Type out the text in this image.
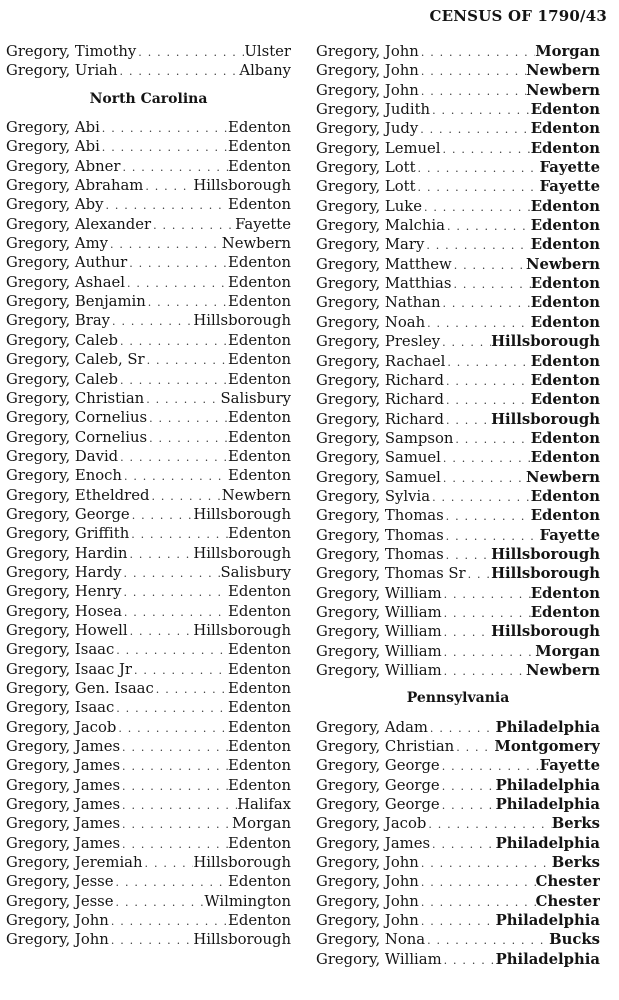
CENSUS OF 1790/43
Gregory, Timothy . . .	Ulster
Gregory, Uriah . . .	Albany
North Carolina
Gregory, Abi . . .	Edenton
Gregory, Abi . . .	Edenton
Gregory, Abner . . .	Edenton
Gregory, Abraham . . .	Hillsborough
Gregory, Aby . . .	Edenton
Gregory, Alexander . . .	Fayette
Gregory, Amy . . .	Newbern
Gregory, Authur . . .	Edenton
Gregory, Ashael . . .	Edenton
Gregory, Benjamin . . .	Edenton
Gregory, Bray . . .	Hillsborough
Gregory, Caleb . . .	Edenton
Gregory, Caleb, Sr . . .	Edenton
Gregory, Caleb . . .	Edenton
Gregory, Christian . . .	Salisbury
Gregory, Cornelius . . .	Edenton
Gregory, Cornelius . . .	Edenton
Gregory, David . . .	Edenton
Gregory, Enoch . . .	Edenton
Gregory, Etheldred . . .	Newbern
Gregory, George . . .	Hillsborough
Gregory, Griffith . . .	Edenton
Gregory, Hardin . . .	Hillsborough
Gregory, Hardy . . .	Salisbury
Gregory, Henry . . .	Edenton
Gregory, Hosea . . .	Edenton
Gregory, Howell . . .	Hillsborough
Gregory, Isaac . . .	Edenton
Gregory, Isaac Jr . . .	Edenton
Gregory, Gen. Isaac . . .	Edenton
Gregory, Isaac . . .	Edenton
Gregory, Jacob . . .	Edenton
Gregory, James . . .	Edenton
Gregory, James . . .	Edenton
Gregory, James . . .	Edenton
Gregory, James . . .	Halifax
Gregory, James . . .	Morgan
Gregory, James . . .	Edenton
Gregory, Jeremiah . . .	Hillsborough
Gregory, Jesse . . .	Edenton
Gregory, Jesse . . .	Wilmington
Gregory, John . . .	Edenton
Gregory, John . . .	Hillsborough
Gregory, John . . .	Morgan
Gregory, John . . .	Newbern
Gregory, John . . .	Newbern
Gregory, Judith . . .	Edenton
Gregory, Judy . . .	Edenton
Gregory, Lemuel . . .	Edenton
Gregory, Lott . . .	Fayette
Gregory, Lott . . .	Fayette
Gregory, Luke . . .	Edenton
Gregory, Malchia . . .	Edenton
Gregory, Mary . . .	Edenton
Gregory, Matthew . . .	Newbern
Gregory, Matthias . . .	Edenton
Gregory, Nathan . . .	Edenton
Gregory, Noah . . .	Edenton
Gregory, Presley . . .	Hillsborough
Gregory, Rachael . . .	Edenton
Gregory, Richard . . .	Edenton
Gregory, Richard . . .	Edenton
Gregory, Richard . . .	Hillsborough
Gregory, Sampson . . .	Edenton
Gregory, Samuel . . .	Edenton
Gregory, Samuel . . .	Newbern
Gregory, Sylvia . . .	Edenton
Gregory, Thomas . . .	Edenton
Gregory, Thomas . . .	Fayette
Gregory, Thomas . . .	Hillsborough
Gregory, Thomas Sr . . . Hillsborough
Gregory, William . . .	Edenton
Gregory, William . . .	Edenton
Gregory, William . . .	Hillsborough
Gregory, William . . .	Morgan
Gregory, William . . .	Newbern
Pennsylvania
Gregory, Adam . . .	Philadelphia
Gregory, Christian . . .	Montgomery
Gregory, George . . .	Fayette
Gregory, George . . .	Philadelphia
Gregory, George . . .	Philadelphia
Gregory, Jacob . . .	Berks
Gregory, James . . .	Philadelphia
Gregory, John . . .	Berks
Gregory, John . . .	Chester
Gregory, John . . .	Chester
Gregory, John . . .	Philadelphia
Gregory, Nona . . .	Bucks
Gregory, William . . .	Philadelphia
